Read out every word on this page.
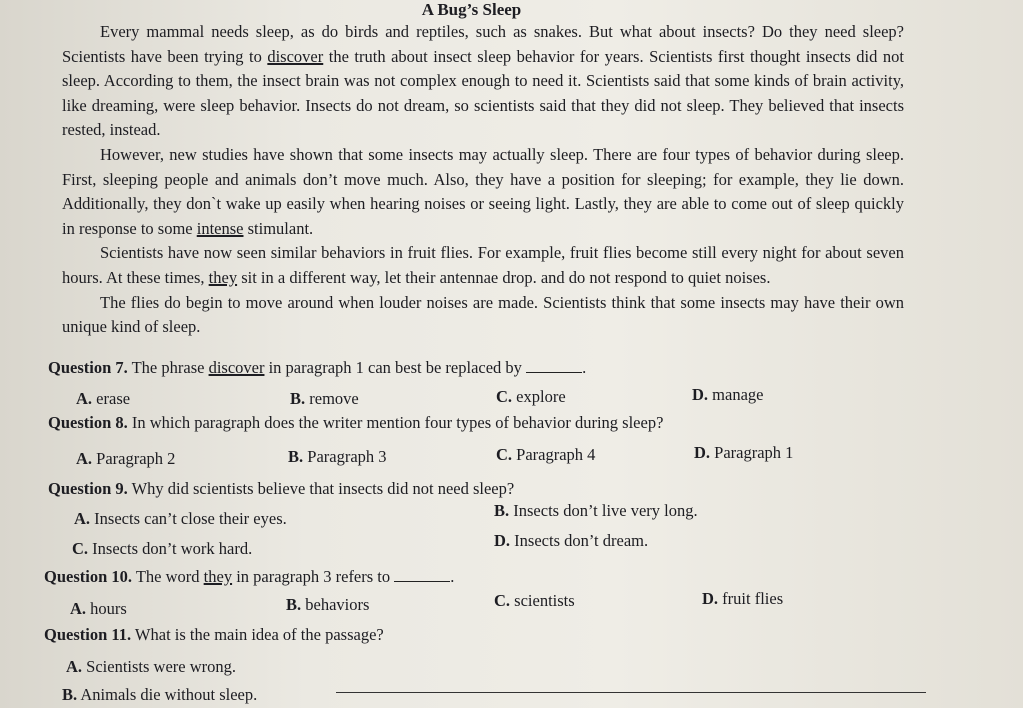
A Bug’s Sleep

Every mammal needs sleep, as do birds and reptiles, such as snakes. But what about insects? Do they need sleep? Scientists have been trying to discover the truth about insect sleep behavior for years. Scientists first thought insects did not sleep. According to them, the insect brain was not complex enough to need it. Scientists said that some kinds of brain activity, like dreaming, were sleep behavior. Insects do not dream, so scientists said that they did not sleep. They believed that insects rested, instead.

However, new studies have shown that some insects may actually sleep. There are four types of behavior during sleep. First, sleeping people and animals don’t move much. Also, they have a position for sleeping; for example, they lie down. Additionally, they don`t wake up easily when hearing noises or seeing light. Lastly, they are able to come out of sleep quickly in response to some intense stimulant.

Scientists have now seen similar behaviors in fruit flies. For example, fruit flies become still every night for about seven hours. At these times, they sit in a different way, let their antennae drop. and do not respond to quiet noises.

The flies do begin to move around when louder noises are made. Scientists think that some insects may have their own unique kind of sleep.

Question 7. The phrase discover in paragraph 1 can best be replaced by	.
A. erase	B. remove	C. explore	D. manage
Question 8. In which paragraph does the writer mention four types of behavior during sleep?
A. Paragraph 2	B. Paragraph 3	C. Paragraph 4	D. Paragraph 1
Question 9. Why did scientists believe that insects did not need sleep?
A. Insects can’t close their eyes.	B. Insects don’t live very long.
C. Insects don’t work hard.	D. Insects don’t dream.
Question 10. The word they in paragraph 3 refers to	.
A. hours	B. behaviors	C. scientists	D. fruit flies
Question 11. What is the main idea of the passage?
A. Scientists were wrong.
B. Animals die without sleep.
